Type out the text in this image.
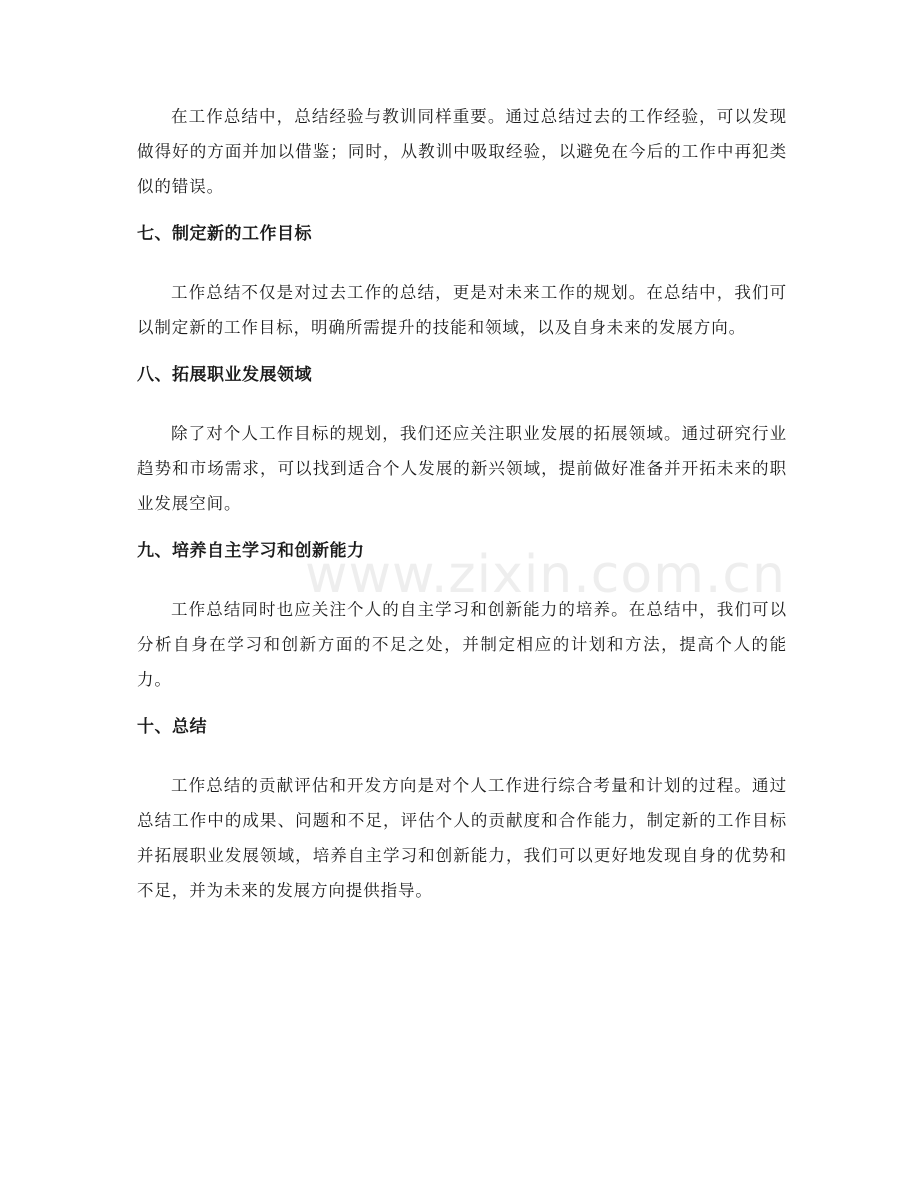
在工作总结中，总结经验与教训同样重要。通过总结过去的工作经验，可以发现做得好的方面并加以借鉴；同时，从教训中吸取经验，以避免在今后的工作中再犯类似的错误。

七、制定新的工作目标

工作总结不仅是对过去工作的总结，更是对未来工作的规划。在总结中，我们可以制定新的工作目标，明确所需提升的技能和领域，以及自身未来的发展方向。

八、拓展职业发展领域

除了对个人工作目标的规划，我们还应关注职业发展的拓展领域。通过研究行业趋势和市场需求，可以找到适合个人发展的新兴领域，提前做好准备并开拓未来的职业发展空间。

九、培养自主学习和创新能力

工作总结同时也应关注个人的自主学习和创新能力的培养。在总结中，我们可以分析自身在学习和创新方面的不足之处，并制定相应的计划和方法，提高个人的能力。

十、总结

工作总结的贡献评估和开发方向是对个人工作进行综合考量和计划的过程。通过总结工作中的成果、问题和不足，评估个人的贡献度和合作能力，制定新的工作目标并拓展职业发展领域，培养自主学习和创新能力，我们可以更好地发现自身的优势和不足，并为未来的发展方向提供指导。

www.zixin.com.cn
